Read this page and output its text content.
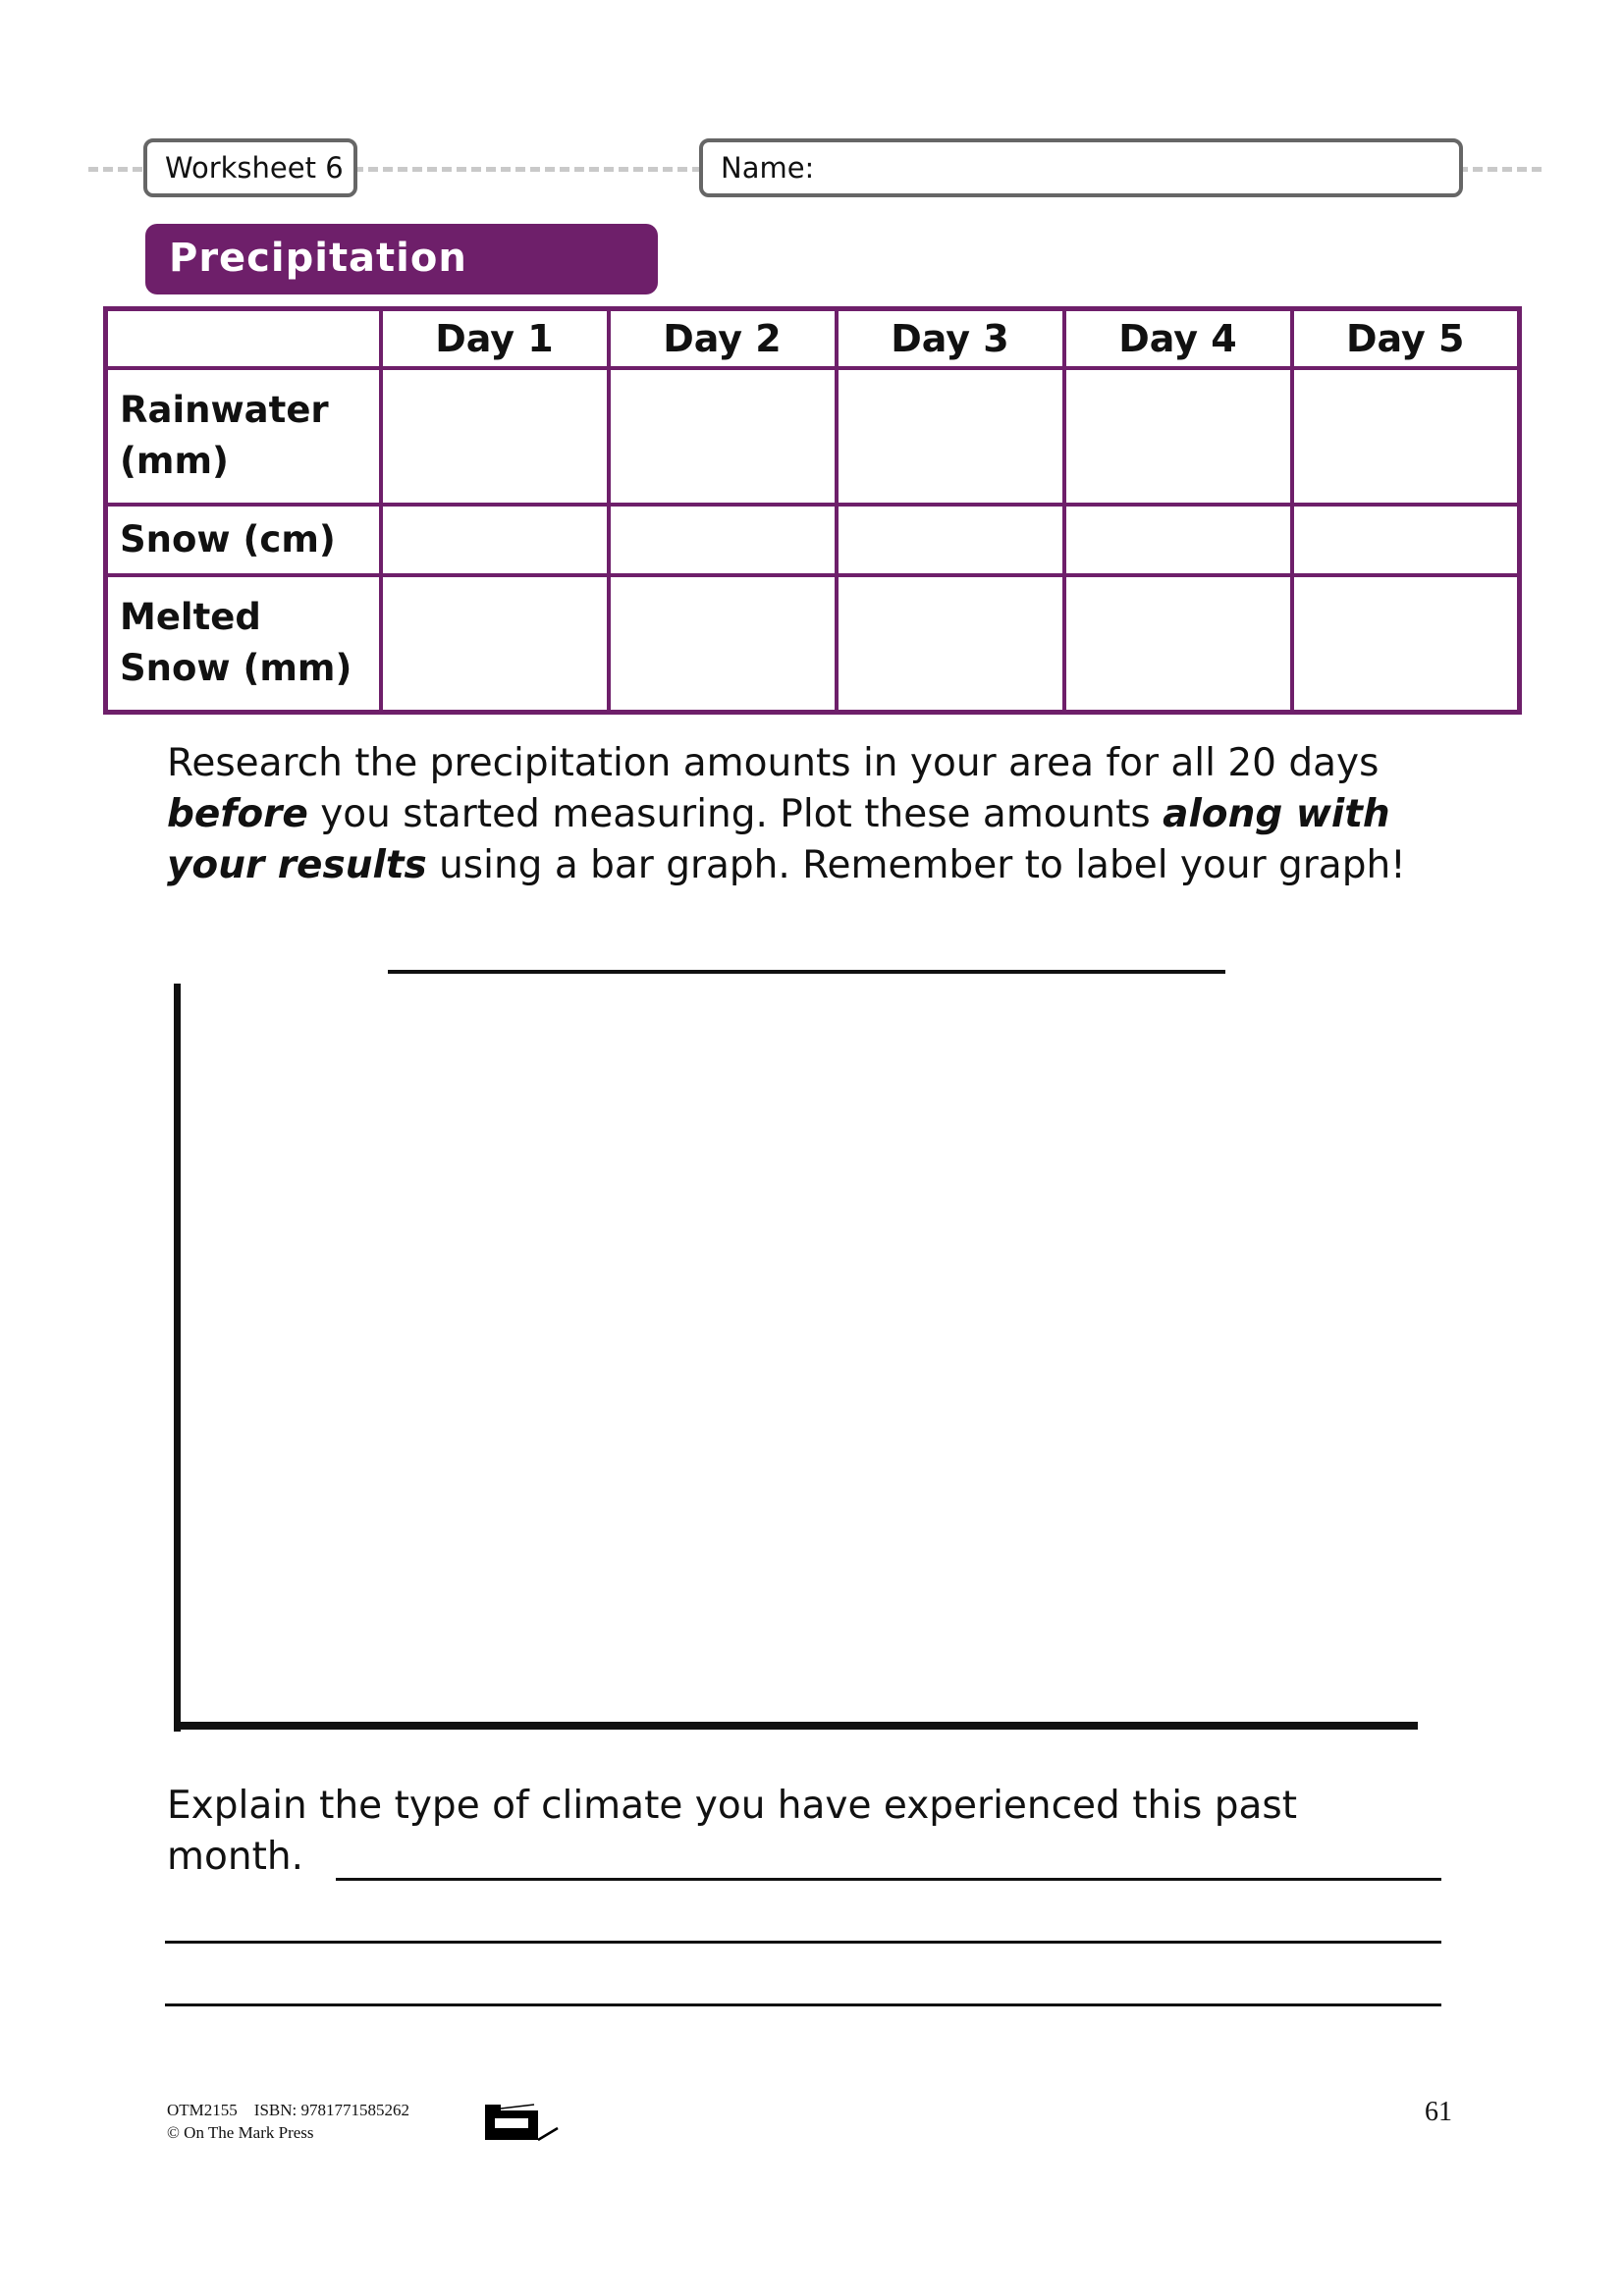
Worksheet 6	Name:
Precipitation Amounts
		Day 1	Day 2	Day 3	Day 4	Day 5

Rainwater
(mm)					

Snow (cm)					

Melted
Snow (mm)					

Research the precipitation amounts in your area for all 20 days before you started measuring. Plot these amounts along with your results using a bar graph. Remember to label your graph!
Explain the type of climate you have experienced this past
month.
OTM2155 ISBN: 9781771585262
© On The Mark Press
61
